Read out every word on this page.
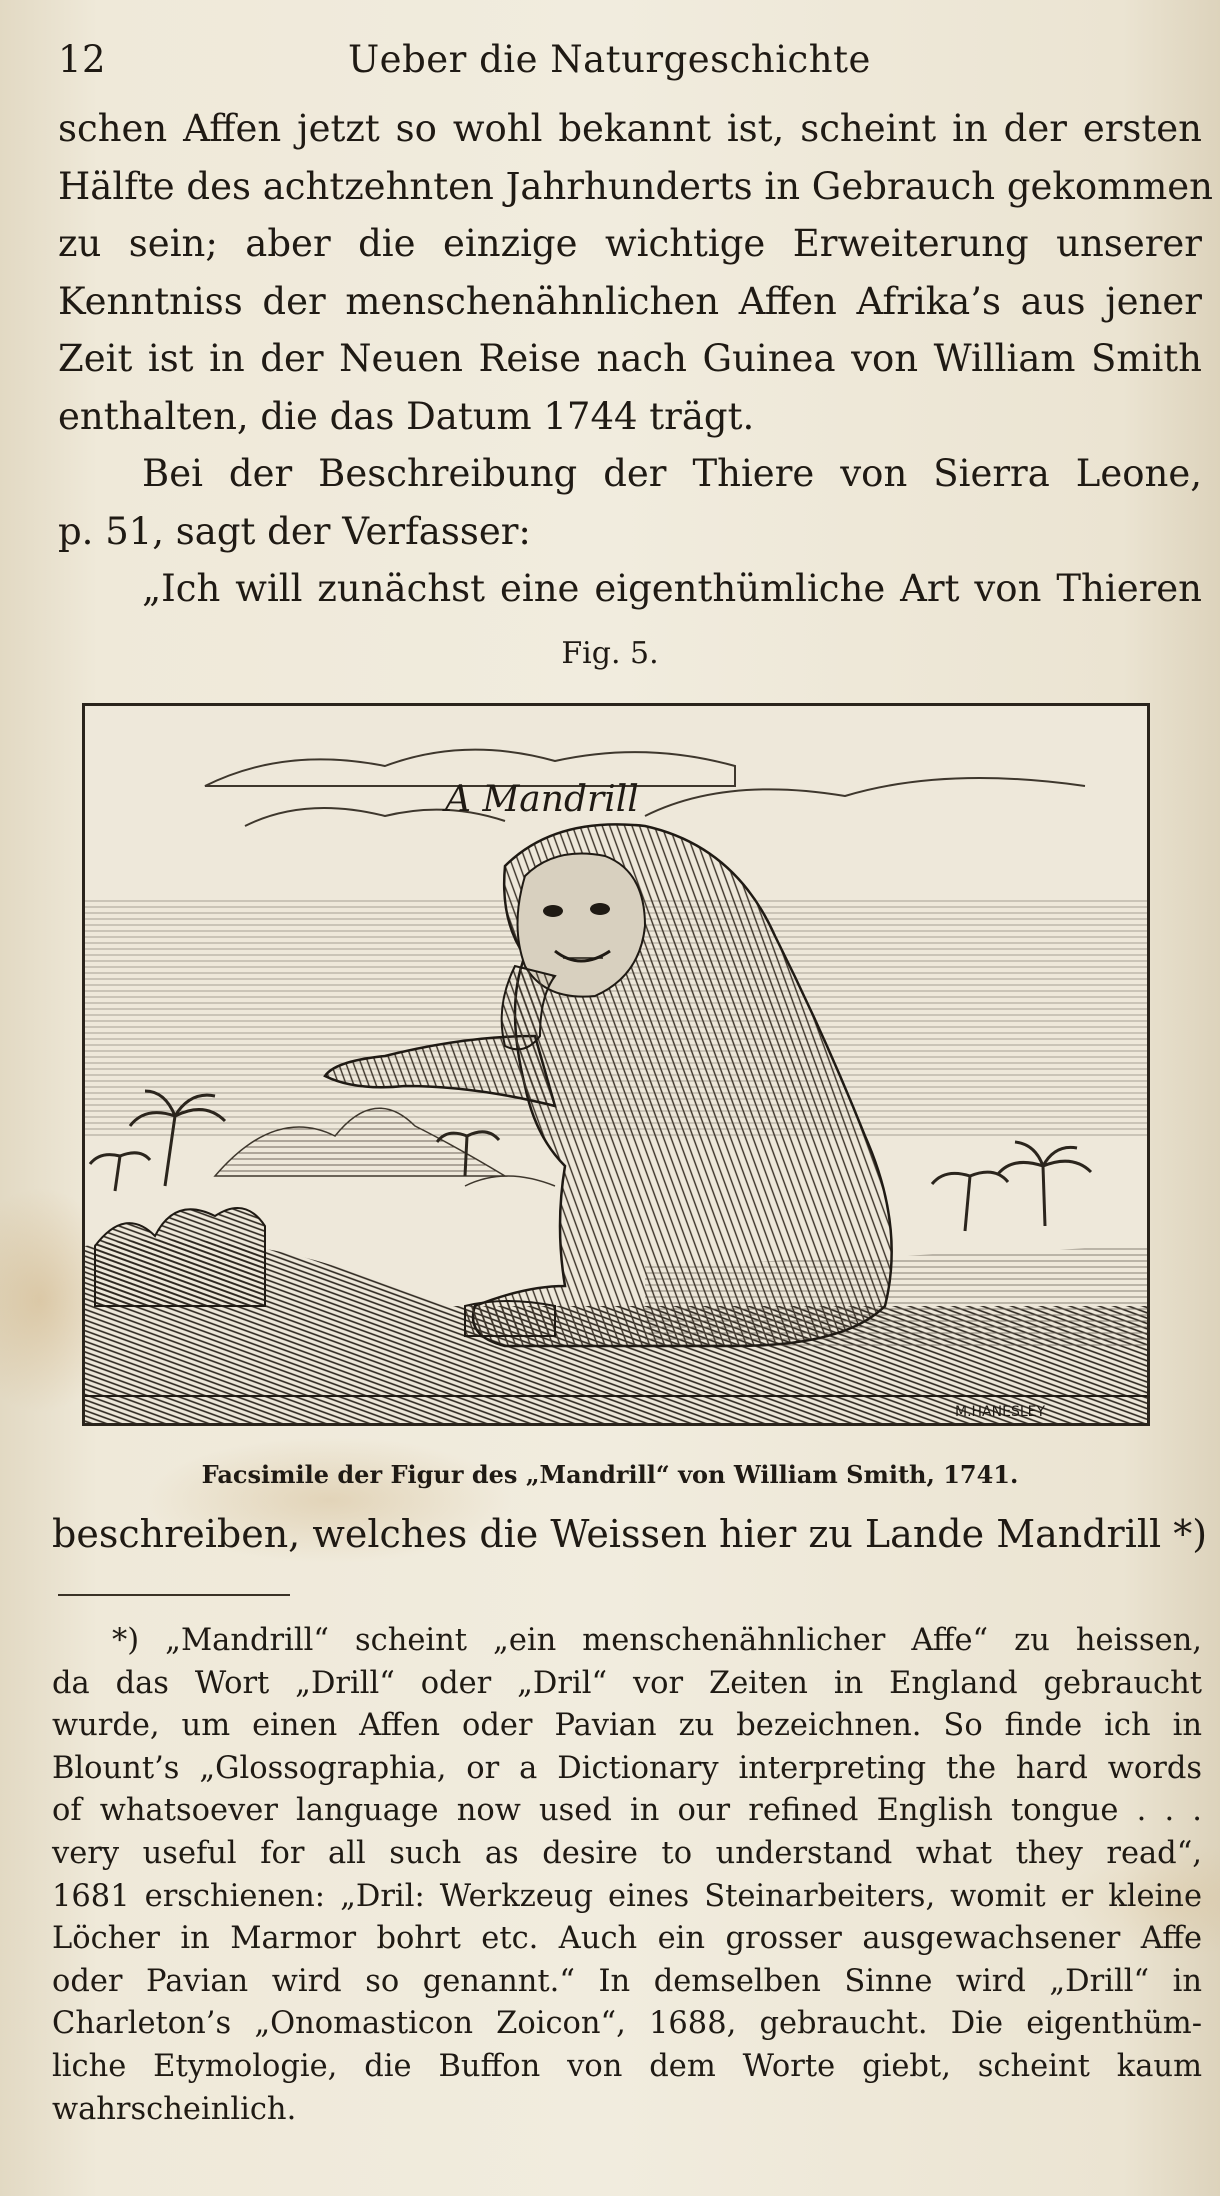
12	Ueber die Naturgeschichte
schen Affen jetzt so wohl bekannt ist, scheint in der ersten
Hälfte des achtzehnten Jahrhunderts in Gebrauch gekommen
zu sein; aber die einzige wichtige Erweiterung unserer
Kenntniss der menschenähnlichen Affen Afrika’s aus jener
Zeit ist in der Neuen Reise nach Guinea von William Smith
enthalten, die das Datum 1744 trägt.
Bei der Beschreibung der Thiere von Sierra Leone,
p. 51, sagt der Verfasser:
„Ich will zunächst eine eigenthümliche Art von Thieren
Fig. 5.
A Mandrill
M.HANESLEY
Facsimile der Figur des „Mandrill“ von William Smith, 1741.
beschreiben, welches die Weissen hier zu Lande Mandrill *)
*) „Mandrill“ scheint „ein menschenähnlicher Affe“ zu heissen,
da das Wort „Drill“ oder „Dril“ vor Zeiten in England gebraucht
wurde, um einen Affen oder Pavian zu bezeichnen. So finde ich in
Blount’s „Glossographia, or a Dictionary interpreting the hard words
of whatsoever language now used in our refined English tongue . . .
very useful for all such as desire to understand what they read“,
1681 erschienen: „Dril: Werkzeug eines Steinarbeiters, womit er kleine
Löcher in Marmor bohrt etc. Auch ein grosser ausgewachsener Affe
oder Pavian wird so genannt.“ In demselben Sinne wird „Drill“ in
Charleton’s „Onomasticon Zoicon“, 1688, gebraucht. Die eigenthüm-
liche Etymologie, die Buffon von dem Worte giebt, scheint kaum
wahrscheinlich.
